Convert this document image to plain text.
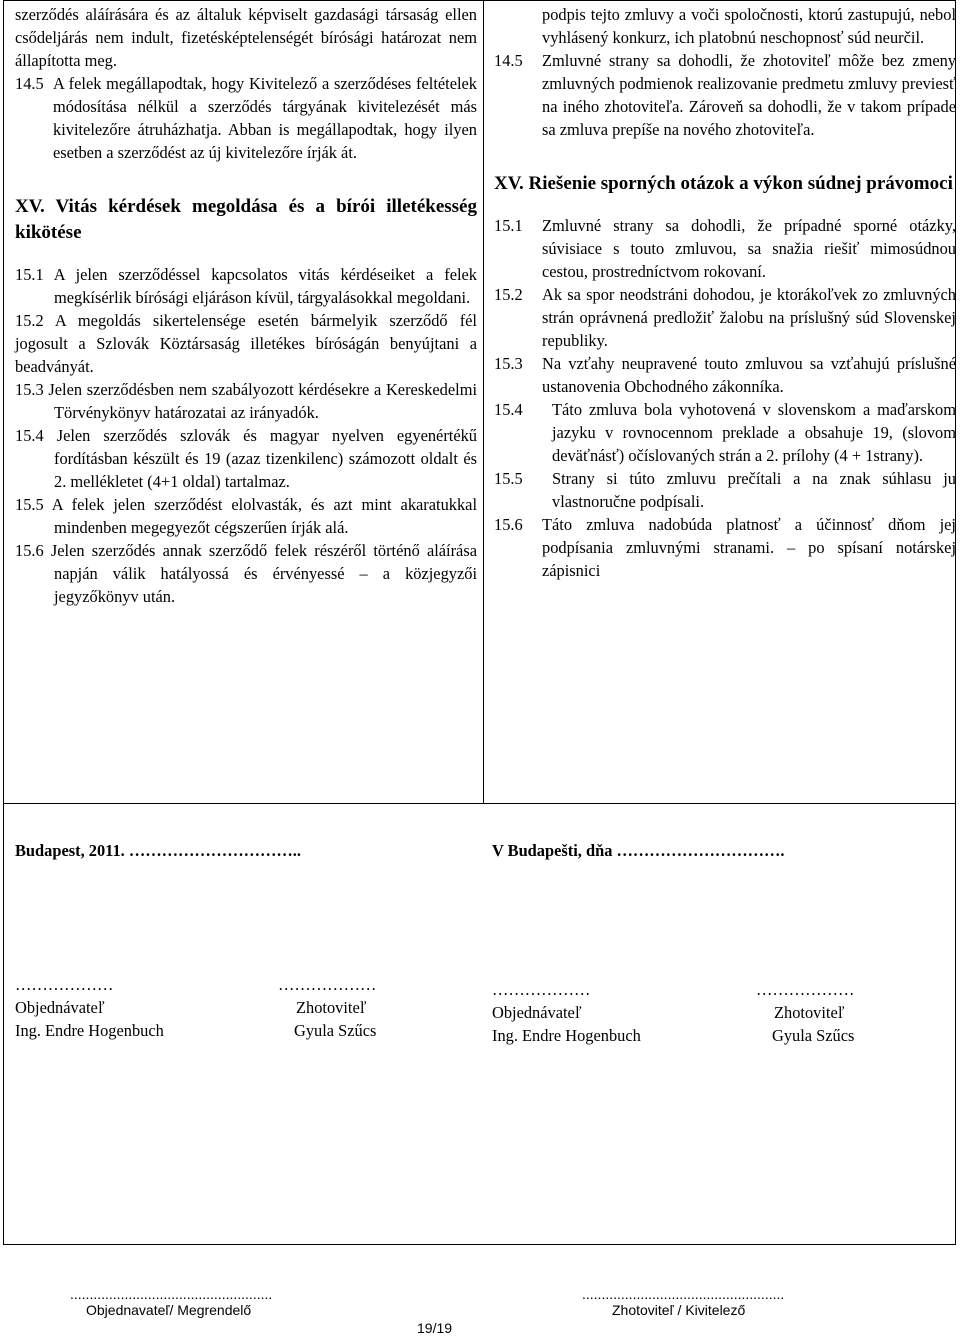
szerződés aláírására és az általuk képviselt gazdasági társaság ellen csődeljárás nem indult, fizetésképtelenségét bírósági határozat nem állapította meg.

14.5 A felek megállapodtak, hogy Kivitelező a szerződéses feltételek módosítása nélkül a szerződés tárgyának kivitelezését más kivitelezőre átruházhatja. Abban is megállapodtak, hogy ilyen esetben a szerződést az új kivitelezőre írják át.

XV. Vitás kérdések megoldása és a bírói illetékesség kikötése

15.1 A jelen szerződéssel kapcsolatos vitás kérdéseiket a felek megkísérlik bírósági eljáráson kívül, tárgyalásokkal megoldani.
15.2 A megoldás sikertelensége esetén bármelyik szerződő fél jogosult a Szlovák Köztársaság illetékes bíróságán benyújtani a beadványát.
15.3 Jelen szerződésben nem szabályozott kérdésekre a Kereskedelmi Törvénykönyv határozatai az irányadók.
15.4 Jelen szerződés szlovák és magyar nyelven egyenértékű fordításban készült és 19 (azaz tizenkilenc) számozott oldalt és 2. mellékletet (4+1 oldal) tartalmaz.
15.5 A felek jelen szerződést elolvasták, és azt mint akaratukkal mindenben megegyezőt cégszerűen írják alá.
15.6 Jelen szerződés annak szerződő felek részéről történő aláírása napján válik hatályossá és érvényessé – a közjegyzői jegyzőkönyv után.

podpis tejto zmluvy a voči spoločnosti, ktorú zastupujú, nebol vyhlásený konkurz, ich platobnú neschopnosť súd neurčil.

14.5	Zmluvné strany sa dohodli, že zhotoviteľ môže bez zmeny zmluvných podmienok realizovanie predmetu zmluvy previesť na iného zhotoviteľa. Zároveň sa dohodli, že v takom prípade sa zmluva prepíše na nového zhotoviteľa.

XV. Riešenie sporných otázok a výkon súdnej právomoci

15.1	Zmluvné strany sa dohodli, že prípadné sporné otázky, súvisiace s touto zmluvou, sa snažia riešiť mimosúdnou cestou, prostredníctvom rokovaní.
15.2	Ak sa spor neodstráni dohodou, je ktorákoľvek zo zmluvných strán oprávnená predložiť žalobu na príslušný súd Slovenskej republiky.
15.3	Na vzťahy neupravené touto zmluvou sa vzťahujú príslušné ustanovenia Obchodného zákonníka.
15.4	Táto zmluva bola vyhotovená v slovenskom a maďarskom jazyku v rovnocennom preklade a obsahuje 19, (slovom deväťnásť) očíslovaných strán a 2. prílohy (4 + 1strany).
15.5	Strany si túto zmluvu prečítali a na znak súhlasu ju vlastnoručne podpísali.
15.6	Táto zmluva nadobúda platnosť a účinnosť dňom jej podpísania zmluvnými stranami. – po spísaní notárskej zápisnici
Budapest, 2011. …………………………..
………………
Objednávateľ
Ing. Endre Hogenbuch
………………
Zhotoviteľ
Gyula Szűcs
V Budapešti, dňa ………………………….
………………
Objednávateľ
Ing. Endre Hogenbuch
………………
Zhotoviteľ
Gyula Szűcs
....................................................
Objednavateľ/ Megrendelő
....................................................
Zhotoviteľ / Kivitelező
19/19
